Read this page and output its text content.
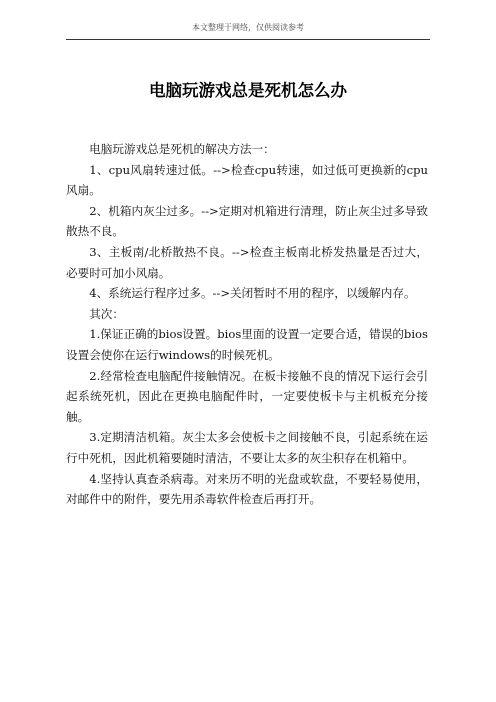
本文整理于网络，仅供阅读参考
电脑玩游戏总是死机怎么办

电脑玩游戏总是死机的解决方法一：

1、cpu风扇转速过低。-->检查cpu转速，如过低可更换新的cpu风扇。

2、机箱内灰尘过多。-->定期对机箱进行清理，防止灰尘过多导致散热不良。

3、主板南/北桥散热不良。-->检查主板南北桥发热量是否过大，必要时可加小风扇。

4、系统运行程序过多。-->关闭暂时不用的程序，以缓解内存。

其次：

1.保证正确的bios设置。bios里面的设置一定要合适，错误的bios设置会使你在运行windows的时候死机。

2.经常检查电脑配件接触情况。在板卡接触不良的情况下运行会引起系统死机，因此在更换电脑配件时，一定要使板卡与主机板充分接触。

3.定期清洁机箱。灰尘太多会使板卡之间接触不良，引起系统在运行中死机，因此机箱要随时清洁，不要让太多的灰尘积存在机箱中。

4.坚持认真查杀病毒。对来历不明的光盘或软盘，不要轻易使用，对邮件中的附件，要先用杀毒软件检查后再打开。
